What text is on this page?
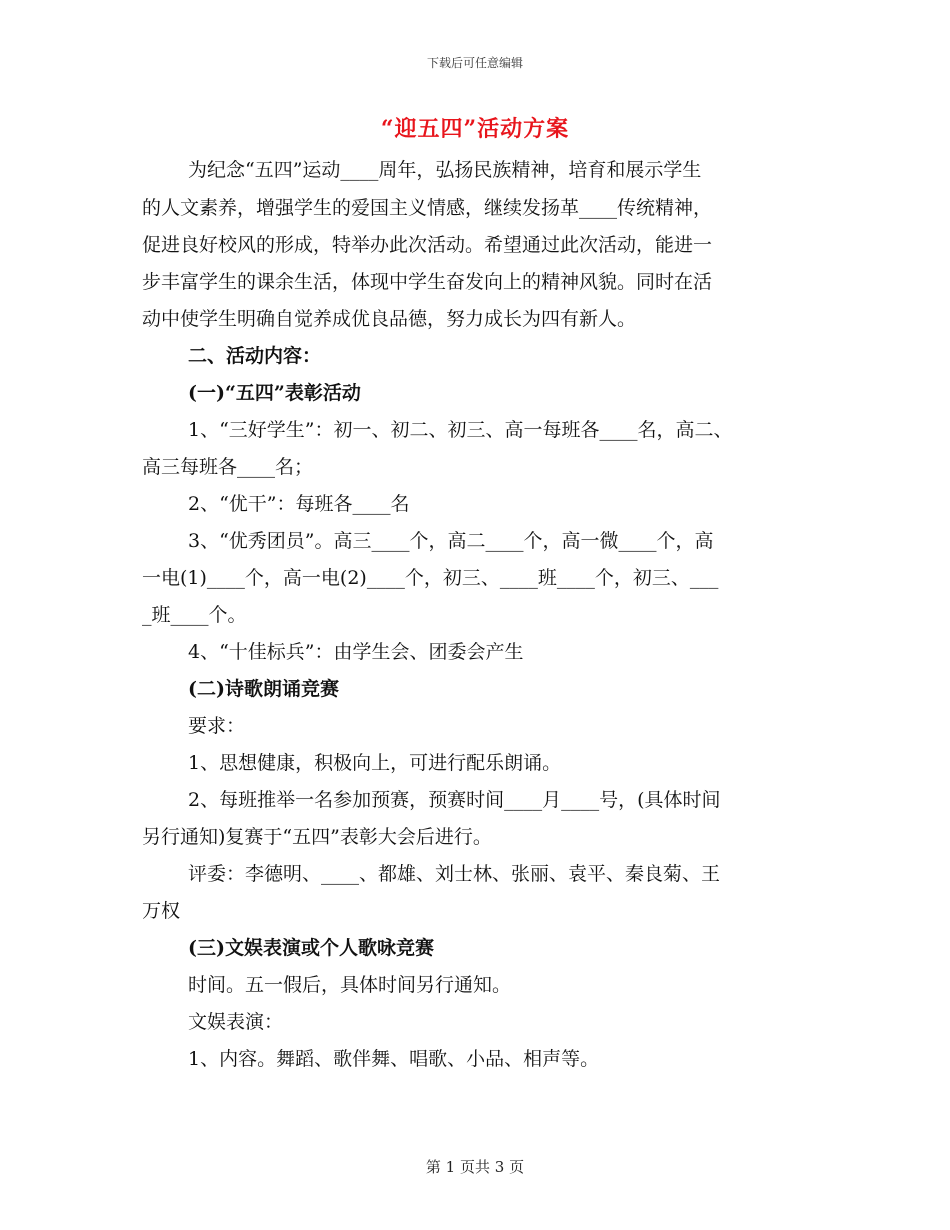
下载后可任意编辑
“迎五四”活动方案
为纪念“五四”运动____周年，弘扬民族精神，培育和展示学生
的人文素养，增强学生的爱国主义情感，继续发扬革____传统精神，
促进良好校风的形成，特举办此次活动。希望通过此次活动，能进一
步丰富学生的课余生活，体现中学生奋发向上的精神风貌。同时在活
动中使学生明确自觉养成优良品德，努力成长为四有新人。
二、活动内容：
(一)“五四”表彰活动
1、“三好学生”：初一、初二、初三、高一每班各____名，高二、
高三每班各____名；
2、“优干”：每班各____名
3、“优秀团员”。高三____个，高二____个，高一微____个，高
一电(1)____个，高一电(2)____个，初三、____班____个，初三、___
_班____个。
4、“十佳标兵”：由学生会、团委会产生
(二)诗歌朗诵竞赛
要求：
1、思想健康，积极向上，可进行配乐朗诵。
2、每班推举一名参加预赛，预赛时间____月____号，(具体时间
另行通知)复赛于“五四”表彰大会后进行。
评委：李德明、____、都雄、刘士林、张丽、袁平、秦良菊、王
万权
(三)文娱表演或个人歌咏竞赛
时间。五一假后，具体时间另行通知。
文娱表演：
1、内容。舞蹈、歌伴舞、唱歌、小品、相声等。
第 1 页共 3 页
